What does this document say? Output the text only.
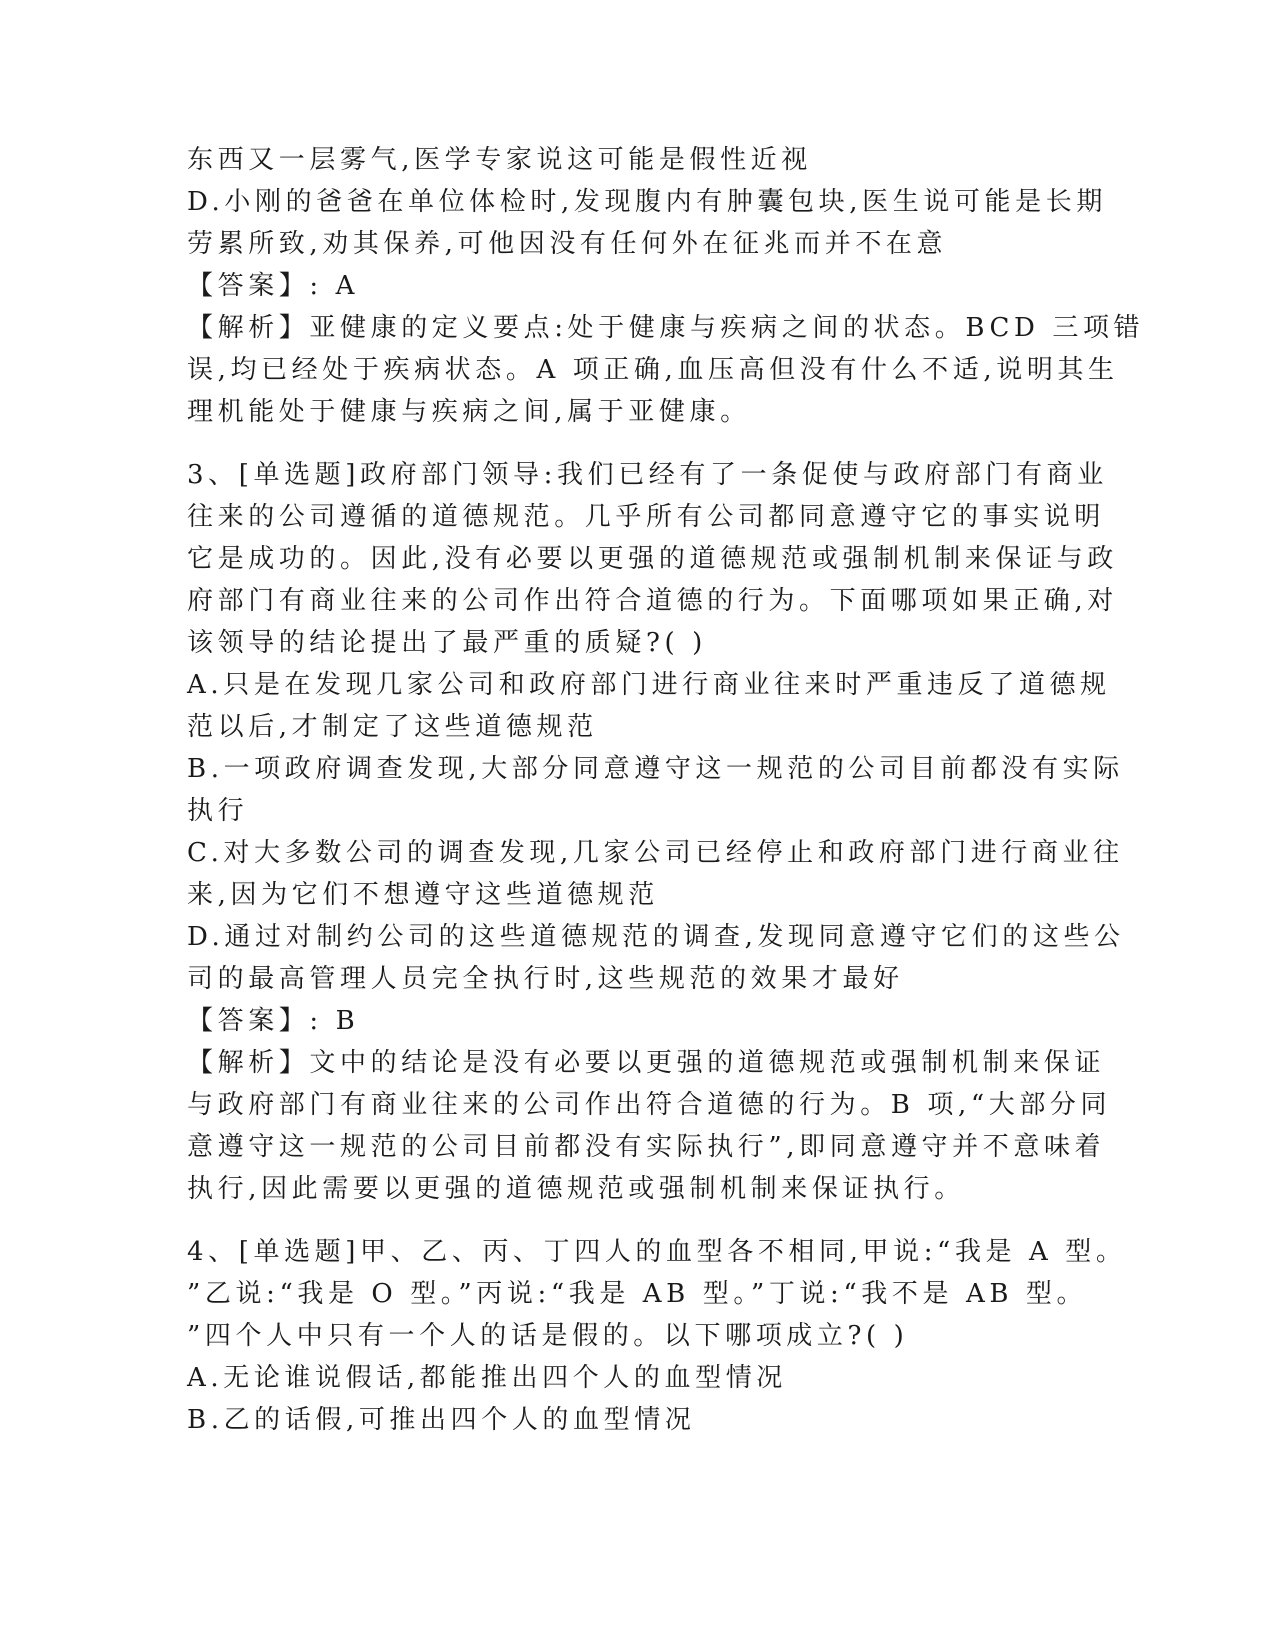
东西又一层雾气,医学专家说这可能是假性近视
D.小刚的爸爸在单位体检时,发现腹内有肿囊包块,医生说可能是长期
劳累所致,劝其保养,可他因没有任何外在征兆而并不在意
【答案】: A
【解析】亚健康的定义要点:处于健康与疾病之间的状态。BCD 三项错
误,均已经处于疾病状态。A 项正确,血压高但没有什么不适,说明其生
理机能处于健康与疾病之间,属于亚健康。
3、[单选题]政府部门领导:我们已经有了一条促使与政府部门有商业
往来的公司遵循的道德规范。几乎所有公司都同意遵守它的事实说明
它是成功的。因此,没有必要以更强的道德规范或强制机制来保证与政
府部门有商业往来的公司作出符合道德的行为。下面哪项如果正确,对
该领导的结论提出了最严重的质疑?( )
A.只是在发现几家公司和政府部门进行商业往来时严重违反了道德规
范以后,才制定了这些道德规范
B.一项政府调查发现,大部分同意遵守这一规范的公司目前都没有实际
执行
C.对大多数公司的调查发现,几家公司已经停止和政府部门进行商业往
来,因为它们不想遵守这些道德规范
D.通过对制约公司的这些道德规范的调查,发现同意遵守它们的这些公
司的最高管理人员完全执行时,这些规范的效果才最好
【答案】: B
【解析】文中的结论是没有必要以更强的道德规范或强制机制来保证
与政府部门有商业往来的公司作出符合道德的行为。B 项,“大部分同
意遵守这一规范的公司目前都没有实际执行”,即同意遵守并不意味着
执行,因此需要以更强的道德规范或强制机制来保证执行。
4、[单选题]甲、乙、丙、丁四人的血型各不相同,甲说:“我是 A 型。
”乙说:“我是 O 型。”丙说:“我是 AB 型。”丁说:“我不是 AB 型。
”四个人中只有一个人的话是假的。以下哪项成立?( )
A.无论谁说假话,都能推出四个人的血型情况
B.乙的话假,可推出四个人的血型情况
